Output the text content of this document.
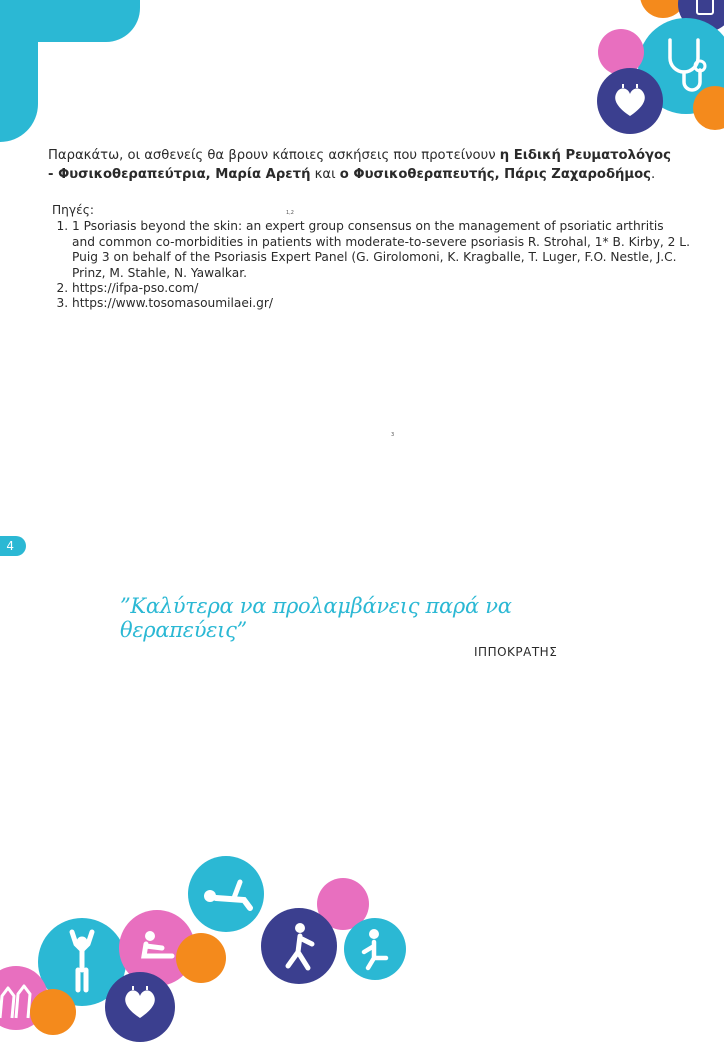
Παρακάτω, οι ασθενείς θα βρουν κάποιες ασκήσεις που προτείνουν η Ειδική Ρευματολόγος - Φυσικοθεραπεύτρια, Μαρία Αρετή και ο Φυσικοθεραπευτής, Πάρις Ζαχαροδήμος.
Πηγές:
1. 1 Psoriasis beyond the skin: an expert group consensus on the management of psoriatic arthritis and common co-morbidities in patients with moderate-to-severe psoriasis R. Strohal, 1* B. Kirby, 2 L. Puig 3 on behalf of the Psoriasis Expert Panel (G. Girolomoni, K. Kragballe, T. Luger, F.O. Nestle, J.C. Prinz, M. Stahle, N. Yawalkar.
2. https://ifpa-pso.com/
3. https://www.tosomasoumilaei.gr/
1,2
3
4
”Καλύτερα να προλαμβάνεις παρά να θεραπεύεις”
ΙΠΠΟΚΡΑΤΗΣ
